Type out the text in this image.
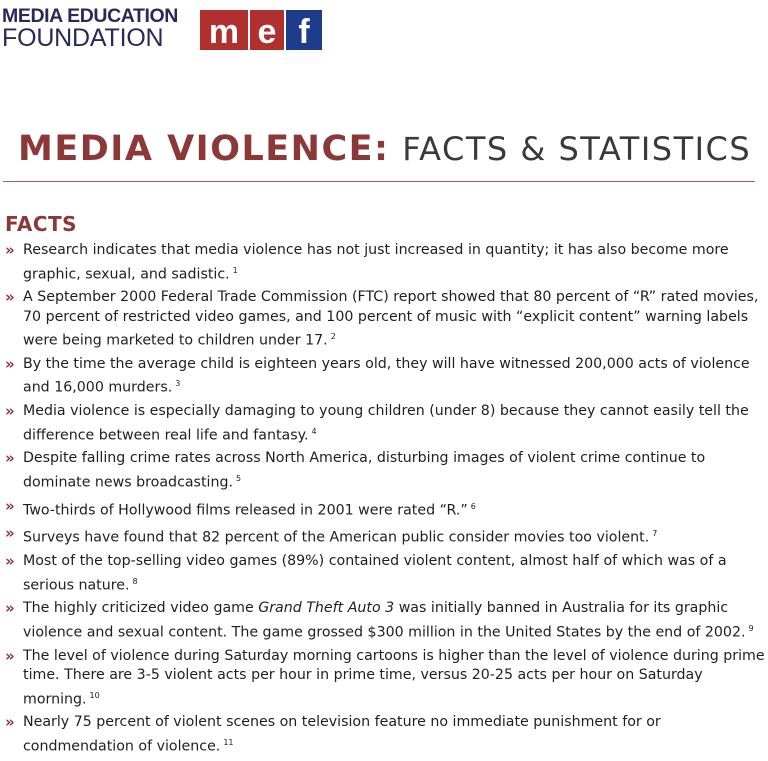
MEDIA EDUCATION
FOUNDATION	m e f
MEDIA VIOLENCE: FACTS & STATISTICS
FACTS
» Research indicates that media violence has not just increased in quantity; it has also become more graphic, sexual, and sadistic. $^1$
» A September 2000 Federal Trade Commission (FTC) report showed that 80 percent of “R” rated movies, 70 percent of restricted video games, and 100 percent of music with “explicit content” warning labels were being marketed to children under 17. $^2$
» By the time the average child is eighteen years old, they will have witnessed 200,000 acts of violence and 16,000 murders. $^3$
» Media violence is especially damaging to young children (under 8) because they cannot easily tell the difference between real life and fantasy. $^4$
» Despite falling crime rates across North America, disturbing images of violent crime continue to dominate news broadcasting. $^5$
» Two-thirds of Hollywood films released in 2001 were rated “R.” $^6$
» Surveys have found that 82 percent of the American public consider movies too violent. $^7$
» Most of the top-selling video games (89%) contained violent content, almost half of which was of a serious nature. $^8$
» The highly criticized video game Grand Theft Auto 3 was initially banned in Australia for its graphic violence and sexual content. The game grossed $300 million in the United States by the end of 2002. $^9$
» The level of violence during Saturday morning cartoons is higher than the level of violence during prime time. There are 3-5 violent acts per hour in prime time, versus 20-25 acts per hour on Saturday morning. $^{10}$
» Nearly 75 percent of violent scenes on television feature no immediate punishment for or condmendation of violence. $^{11}$
